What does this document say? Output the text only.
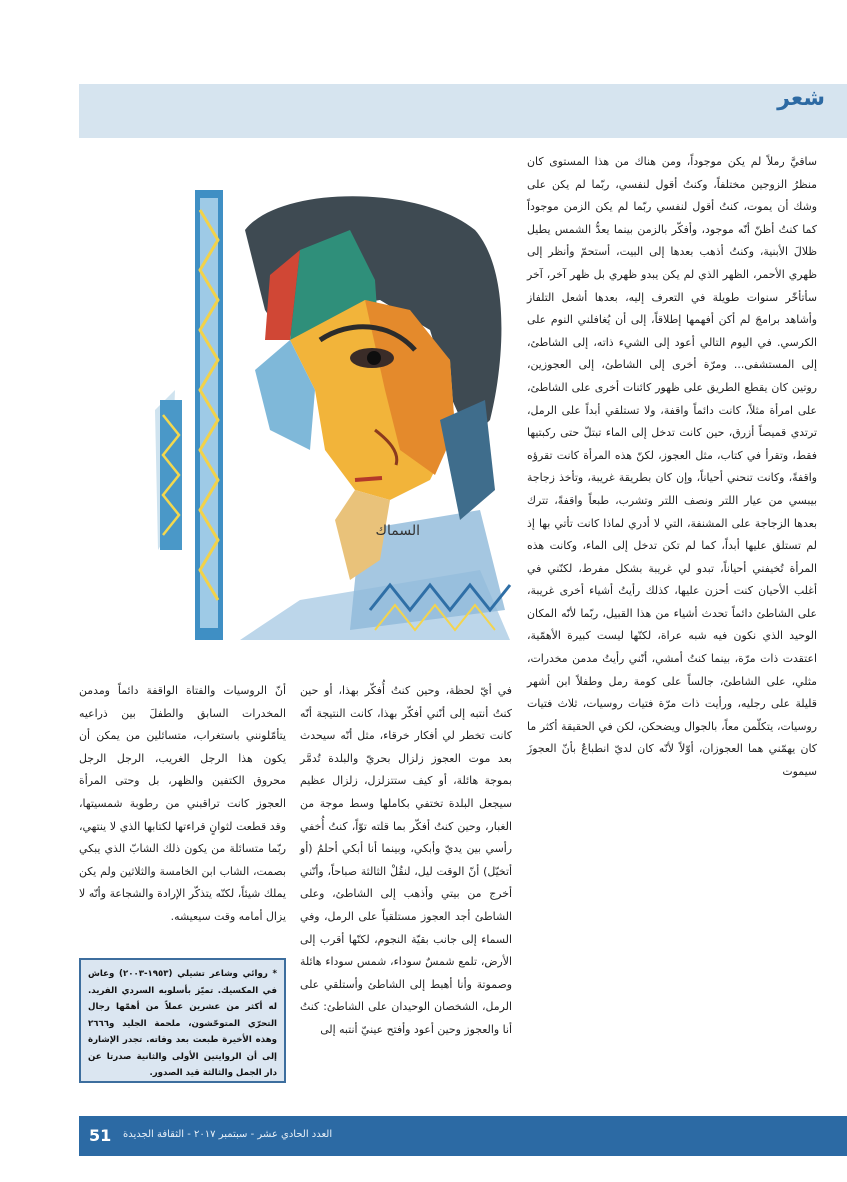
شعر

ساقيَّ رملاً لم يكن موجوداً، ومن هناك من هذا المستوى كان منظرُ الزوجين مختلفاً، وكنتُ أقول لنفسي، ربّما لم يكن على وشك أن يموت، كنتُ أقول لنفسي ربّما لم يكن الزمن موجوداً كما كنتُ أظنّ أنّه موجود، وأفكّر بالزمن بينما يعدُّ الشمس يطيل ظلالَ الأبنية، وكنتُ أذهب بعدها إلى البيت، أستحمّ وأنظر إلى ظهري الأحمر، الظهر الذي لم يكن يبدو ظهري بل ظهر آخر، آخر سأتأخّر سنوات طويلة في التعرف إليه، بعدها أشعل التلفاز وأشاهد برامجَ لم أكن أفهمها إطلاقاً، إلى أن يُغافلني النوم على الكرسي. في اليوم التالي أعود إلى الشيء ذاته، إلى الشاطئ، إلى المستشفى... ومرّة أخرى إلى الشاطئ، إلى العجوزين، روتين كان يقطع الطريق على ظهور كائنات أخرى على الشاطئ، على امرأة مثلاً، كانت دائماً واقفة، ولا تستلقي أبداً على الرمل، ترتدي قميصاً أزرق، حين كانت تدخل إلى الماء تبتلّ حتى ركبتيها فقط، وتقرأ في كتاب، مثل العجوز، لكنّ هذه المرأة كانت تقرؤه واقفةً، وكانت تنحني أحياناً، وإن كان بطريقة غريبة، وتأخذ زجاجة بيبسي من عيار اللتر ونصف اللتر وتشرب، طبعاً واقفةً، تترك بعدها الزجاجة على المشنفة، التي لا أدري لماذا كانت تأتي بها إذ لم تستلق عليها أبداً، كما لم تكن تدخل إلى الماء، وكانت هذه المرأة تُخيفني أحياناً، تبدو لي غريبة بشكل مفرط، لكنّني في أغلب الأحيان كنت أحزن عليها، كذلك رأيتُ أشياء أخرى غريبة، على الشاطئ دائماً تحدث أشياء من هذا القبيل، ربّما لأنّه المكان الوحيد الذي نكون فيه شبه عراة، لكنّها ليست كبيرة الأهمّية، اعتقدت ذات مرّة، بينما كنتُ أمشي، أنّني رأيتُ مدمن مخدرات، مثلي، على الشاطئ، جالساً على كومة رمل وطفلاً ابن أشهر قليلة على رجليه، ورأيت ذات مرّة فتيات روسيات، ثلاث فتيات روسيات، يتكلّمن معاً، بالجوال ويضحكن، لكن في الحقيقة أكثر ما كان يهمّني هما العجوزان، أوّلاً لأنّه كان لديّ انطباعٌ بأنّ العجوزَ سيموت

السماك

في أيّ لحظة، وحين كنتُ أُفكّر بهذا، أو حين كنتُ أنتبه إلى أنّني أفكّر بهذا، كانت النتيجة أنّه كانت تخطر لي أفكار خرقاء، مثل أنّه سيحدث بعد موت العجوز زلزال بحريّ والبلدة تُدمَّر بموجة هائلة، أو كيف ستتزلزل، زلزال عظيم سيجعل البلدة تختفي بكاملها وسط موجة من الغبار، وحين كنتُ أفكّر بما قلته توّاً، كنتُ أُخفي رأسي بين يديّ وأبكي، وبينما أنا أبكي أحلمُ (أو أتخيّل) أنّ الوقت ليل، لنقُلْ الثالثة صباحاً، وأنّني أخرج من بيتي وأذهب إلى الشاطئ، وعلى الشاطئ أجد العجوز مستلقياً على الرمل، وفي السماء إلى جانب بقيّة النجوم، لكنّها أقرب إلى الأرض، تلمع شمسٌ سوداء، شمس سوداء هائلة وصموتة وأنا أهبط إلى الشاطئ وأستلقي على الرمل، الشخصان الوحيدان على الشاطئ: كنتُ أنا والعجوز وحين أعود وأفتح عينيّ أنتبه إلى

أنّ الروسيات والفتاة الواقفة دائماً ومدمن المخدرات السابق والطفلَ بين ذراعيه يتأمّلونني باستغراب، متسائلين من يمكن أن يكون هذا الرجل الغريب، الرجل الرجل محروق الكتفين والظهر، بل وحتى المرأة العجوز كانت تراقبني من رطوبة شمسيتها، وقد قطعت لثوانٍ قراءتها لكتابها الذي لا ينتهي، ربّما متسائلة من يكون ذلك الشابّ الذي يبكي بصمت، الشاب ابن الخامسة والثلاثين ولم يكن يملك شيئاً، لكنّه يتذكّر الإرادة والشجاعة وأنّه لا يزال أمامه وقت سيعيشه.

* روائي وشاعر تشيلي (١٩٥٣-٢٠٠٣) وعاش في المكسيك. تميّز بأسلوبه السردي الفريد. له أكثر من عشرين عملاً من أهمّها رجال التحرّي المتوحّشون، ملحمة الجليد و٢٦٦٦ وهذه الأخيرة طبعت بعد وفاته. تجدر الإشارة إلى أن الروايتين الأولى والثانية صدرتا عن دار الجمل والثالثة قيد الصدور.

51 العدد الحادي عشر - سبتمبر ٢٠١٧ - الثقافة الجديدة
